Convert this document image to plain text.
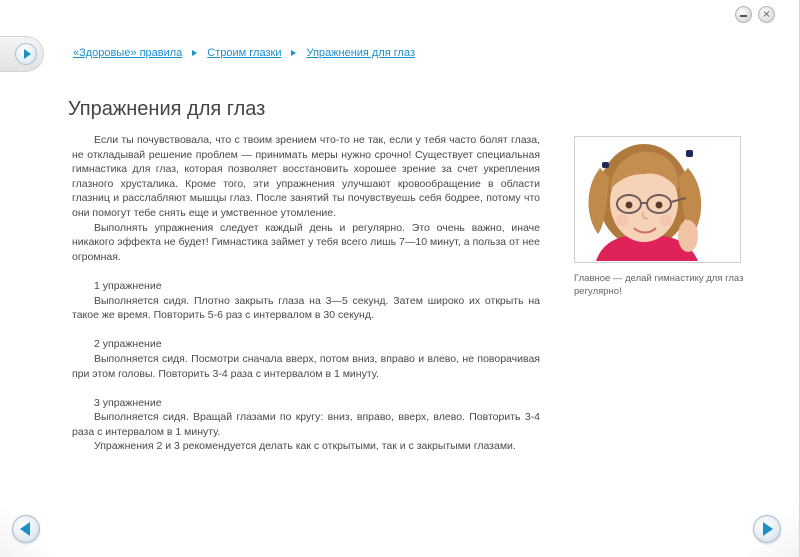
×
«Здоровые» правила Строим глазки Упражнения для глаз
Упражнения для глаз

Если ты почувствовала, что с твоим зрением что-то не так, если у тебя часто болят глаза, не откладывай решение проблем — принимать меры нужно срочно! Существует специальная гимнастика для глаз, которая позволяет восстановить хорошее зрение за счет укрепления глазного хрусталика. Кроме того, эти упражнения улучшают кровообращение в области глазниц и расслабляют мышцы глаз. После занятий ты почувствуешь себя бодрее, потому что они помогут тебе снять еще и умственное утомление.

Выполнять упражнения следует каждый день и регулярно. Это очень важно, иначе никакого эффекта не будет! Гимнастика займет у тебя всего лишь 7—10 минут, а польза от нее огромная.

1 упражнение

Выполняется сидя. Плотно закрыть глаза на 3—5 секунд. Затем широко их открыть на такое же время. Повторить 5-6 раз с интервалом в 30 секунд.

2 упражнение

Выполняется сидя. Посмотри сначала вверх, потом вниз, вправо и влево, не поворачивая при этом головы. Повторить 3-4 раза с интервалом в 1 минуту.

3 упражнение

Выполняется сидя. Вращай глазами по кругу: вниз, вправо, вверх, влево. Повторить 3-4 раза с интервалом в 1 минуту.

Упражнения 2 и 3 рекомендуется делать как с открытыми, так и с закрытыми глазами.

Главное — делай гимнастику для глаз регулярно!
